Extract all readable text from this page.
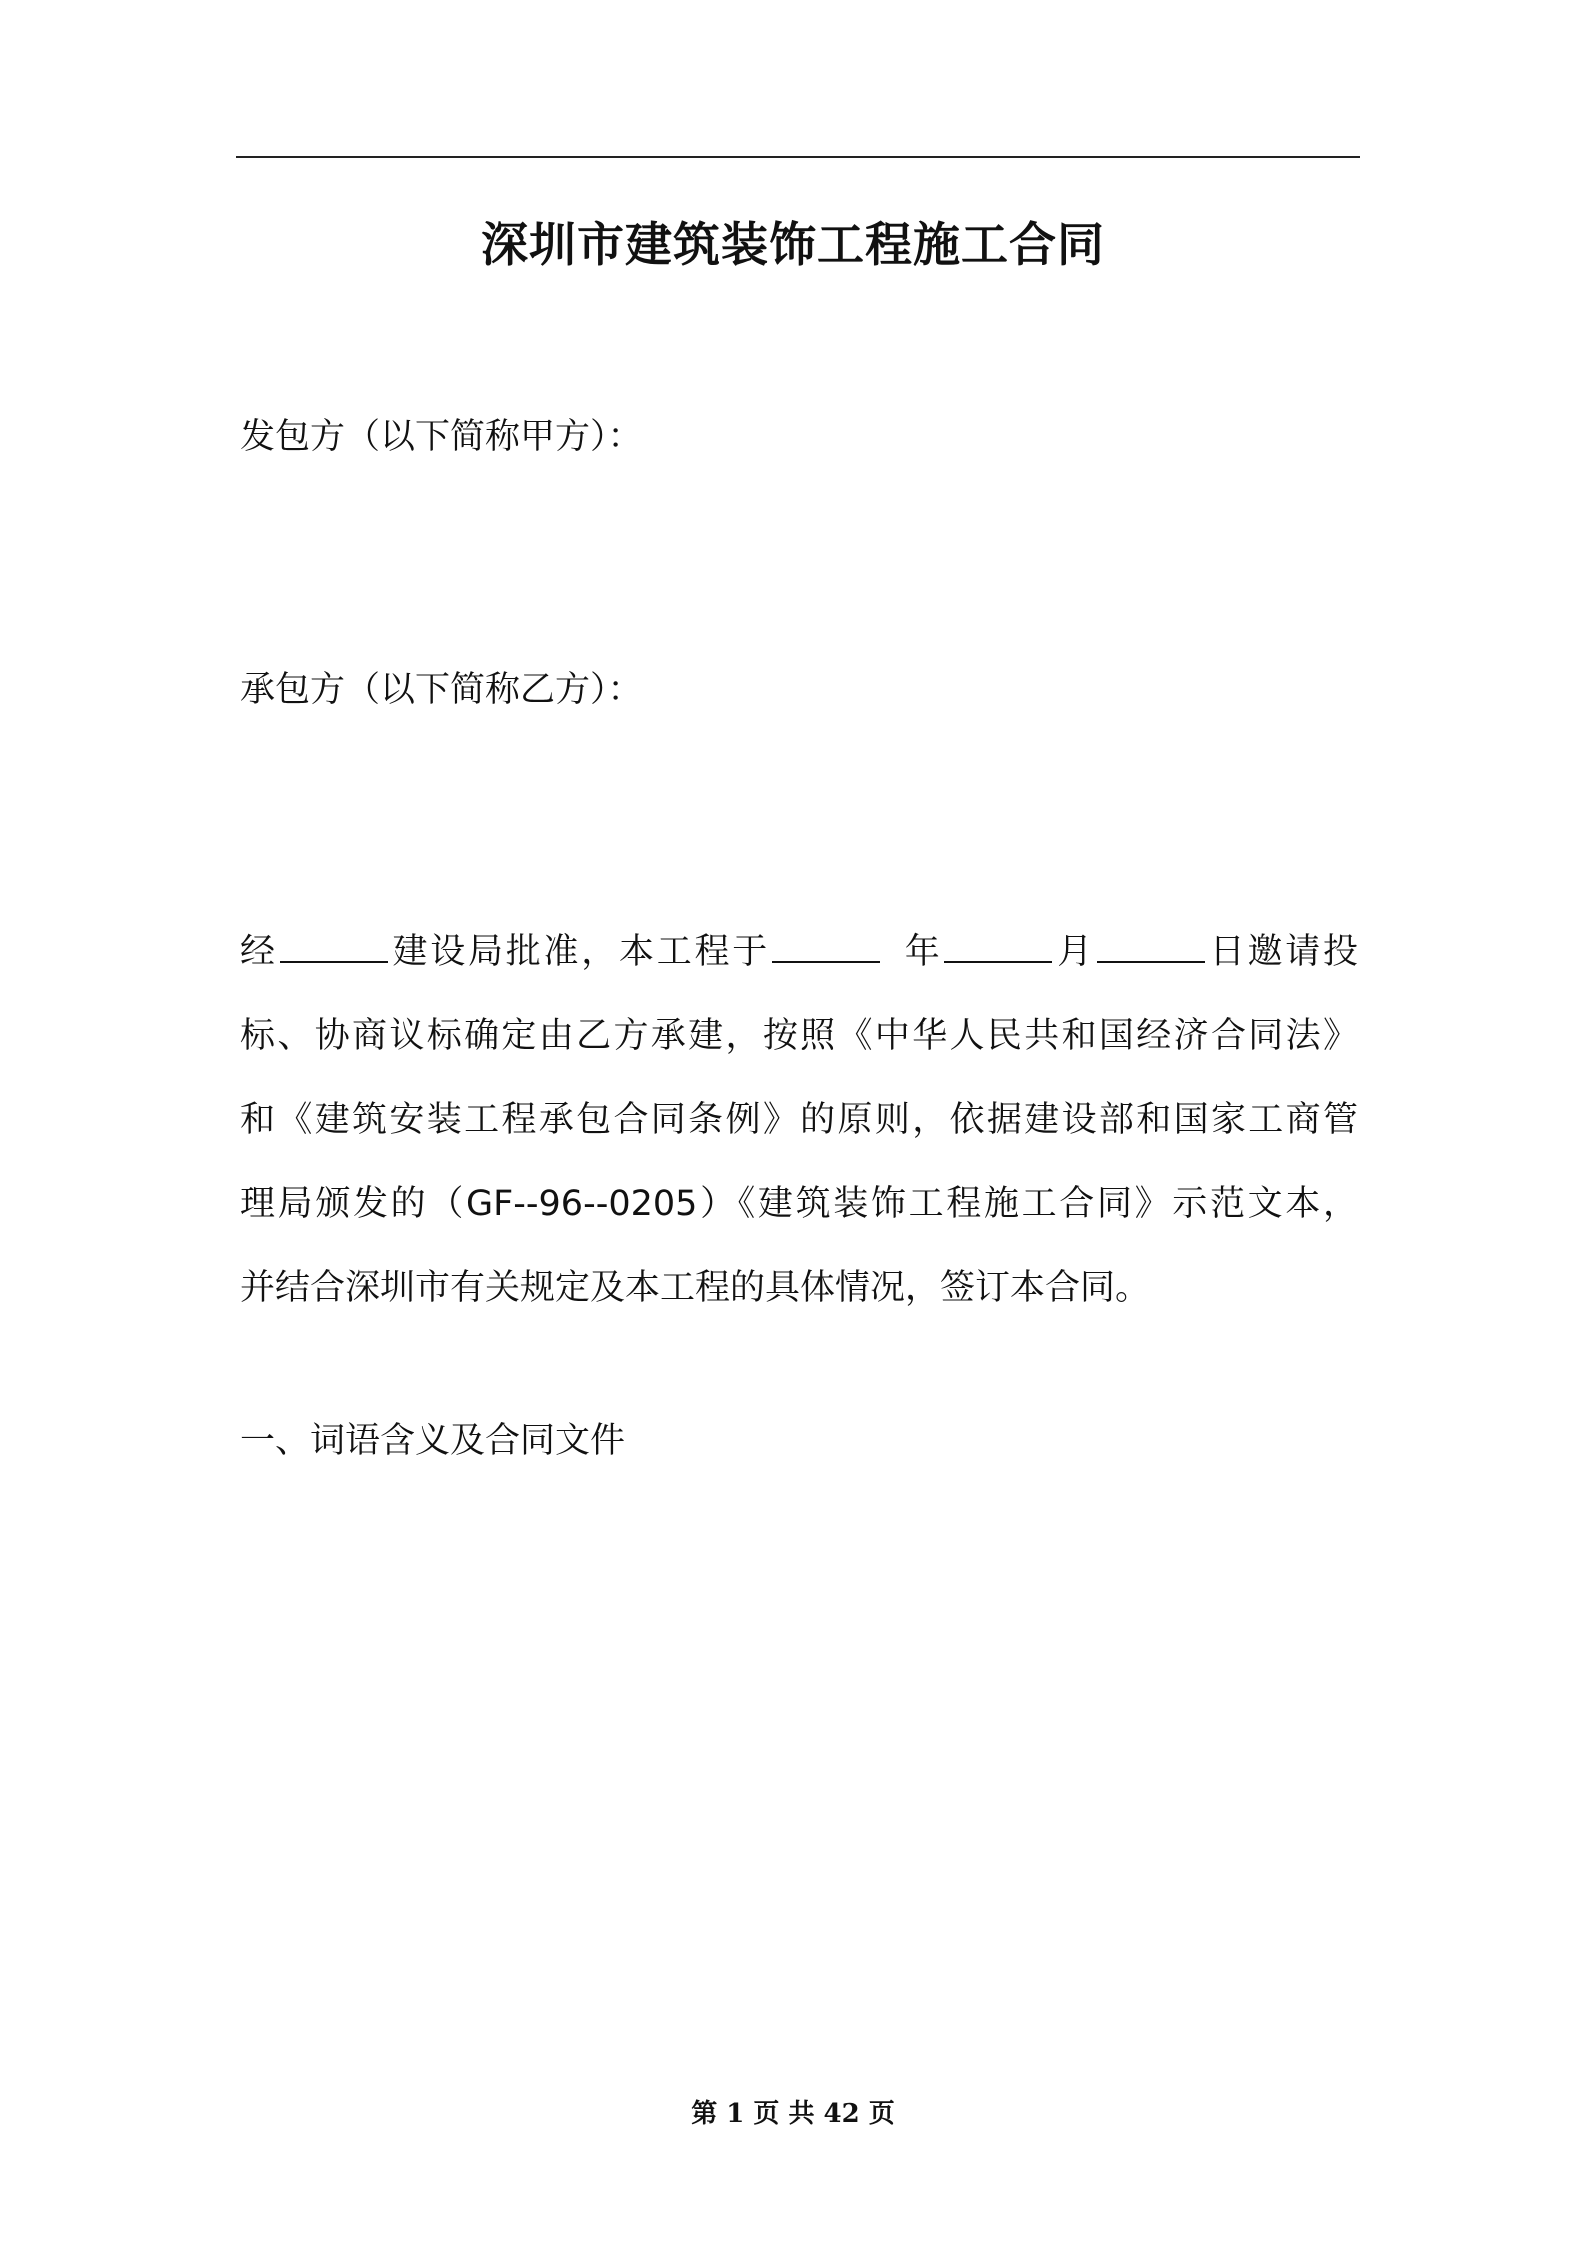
深圳市建筑装饰工程施工合同
发包方（以下简称甲方）：
承包方（以下简称乙方）：
经	建设局批准，本工程于	年	月	日邀请投
标、协商议标确定由乙方承建，按照《中华人民共和国经济合同法》
和《建筑安装工程承包合同条例》的原则，依据建设部和国家工商管
理局颁发的（GF--96--0205）《建筑装饰工程施工合同》示范文本，
并结合深圳市有关规定及本工程的具体情况，签订本合同。
一、词语含义及合同文件
第 1 页 共 42 页
